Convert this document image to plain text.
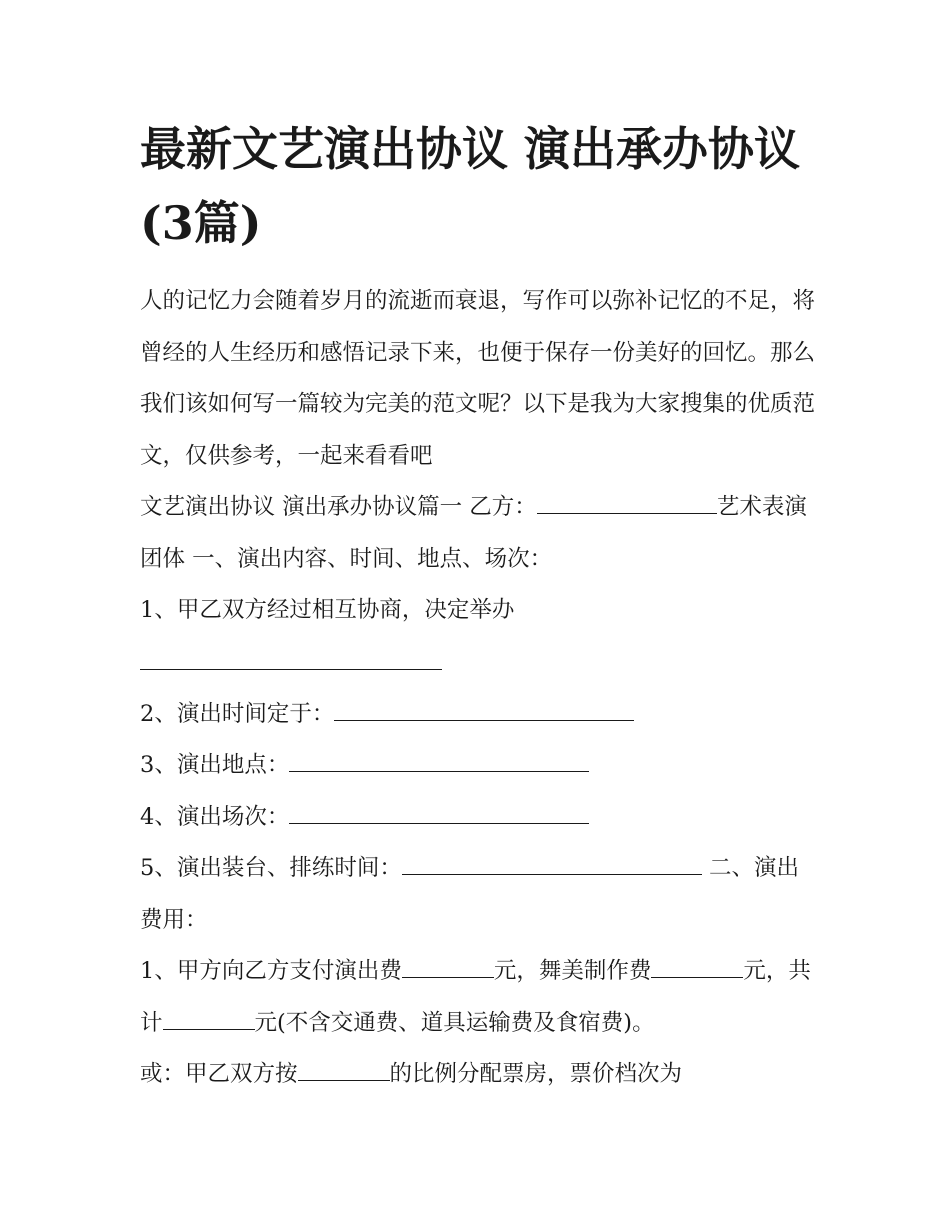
最新文艺演出协议 演出承办协议(3篇)

人的记忆力会随着岁月的流逝而衰退，写作可以弥补记忆的不足，将曾经的人生经历和感悟记录下来，也便于保存一份美好的回忆。那么我们该如何写一篇较为完美的范文呢？以下是我为大家搜集的优质范文，仅供参考，一起来看看吧

文艺演出协议 演出承办协议篇一 乙方：	艺术表演团体 一、演出内容、时间、地点、场次：

1、甲乙双方经过相互协商，决定举办

2、演出时间定于：

3、演出地点：

4、演出场次：

5、演出装台、排练时间：	二、演出费用：

1、甲方向乙方支付演出费	元，舞美制作费	元，共计	元(不含交通费、道具运输费及食宿费)。

或：甲乙双方按	的比例分配票房，票价档次为
